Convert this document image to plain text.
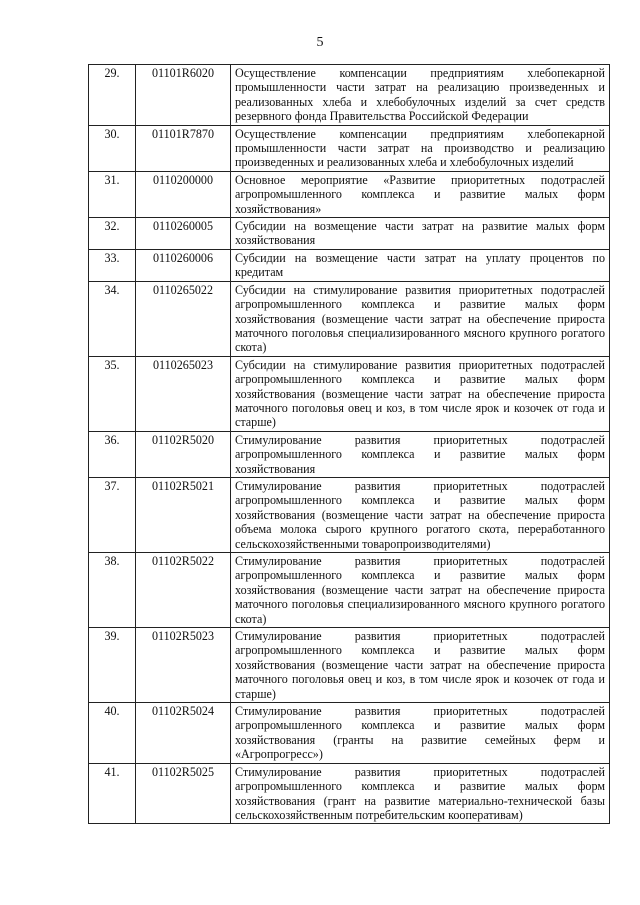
5
29.	01101R6020	Осуществление компенсации предприятиям хлебопекарной промышленности части затрат на реализацию произведенных и реализованных хлеба и хлебобулочных изделий за счет средств резервного фонда Правительства Российской Федерации
30.	01101R7870	Осуществление компенсации предприятиям хлебопекарной промышленности части затрат на производство и реализацию произведенных и реализованных хлеба и хлебобулочных изделий
31.	0110200000	Основное мероприятие «Развитие приоритетных подотраслей агропромышленного комплекса и развитие малых форм хозяйствования»
32.	0110260005	Субсидии на возмещение части затрат на развитие малых форм хозяйствования
33.	0110260006	Субсидии на возмещение части затрат на уплату процентов по кредитам
34.	0110265022	Субсидии на стимулирование развития приоритетных подотраслей агропромышленного комплекса и развитие малых форм хозяйствования (возмещение части затрат на обеспечение прироста маточного поголовья специализированного мясного крупного рогатого скота)
35.	0110265023	Субсидии на стимулирование развития приоритетных подотраслей агропромышленного комплекса и развитие малых форм хозяйствования (возмещение части затрат на обеспечение прироста маточного поголовья овец и коз, в том числе ярок и козочек от года и старше)
36.	01102R5020	Стимулирование развития приоритетных подотраслей агропромышленного комплекса и развитие малых форм хозяйствования
37.	01102R5021	Стимулирование развития приоритетных подотраслей агропромышленного комплекса и развитие малых форм хозяйствования (возмещение части затрат на обеспечение прироста объема молока сырого крупного рогатого скота, переработанного сельскохозяйственными товаропроизводителями)
38.	01102R5022	Стимулирование развития приоритетных подотраслей агропромышленного комплекса и развитие малых форм хозяйствования (возмещение части затрат на обеспечение прироста маточного поголовья специализированного мясного крупного рогатого скота)
39.	01102R5023	Стимулирование развития приоритетных подотраслей агропромышленного комплекса и развитие малых форм хозяйствования (возмещение части затрат на обеспечение прироста маточного поголовья овец и коз, в том числе ярок и козочек от года и старше)
40.	01102R5024	Стимулирование развития приоритетных подотраслей агропромышленного комплекса и развитие малых форм хозяйствования (гранты на развитие семейных ферм и «Агропрогресс»)
41.	01102R5025	Стимулирование развития приоритетных подотраслей агропромышленного комплекса и развитие малых форм хозяйствования (грант на развитие материально-технической базы сельскохозяйственным потребительским кооперативам)
